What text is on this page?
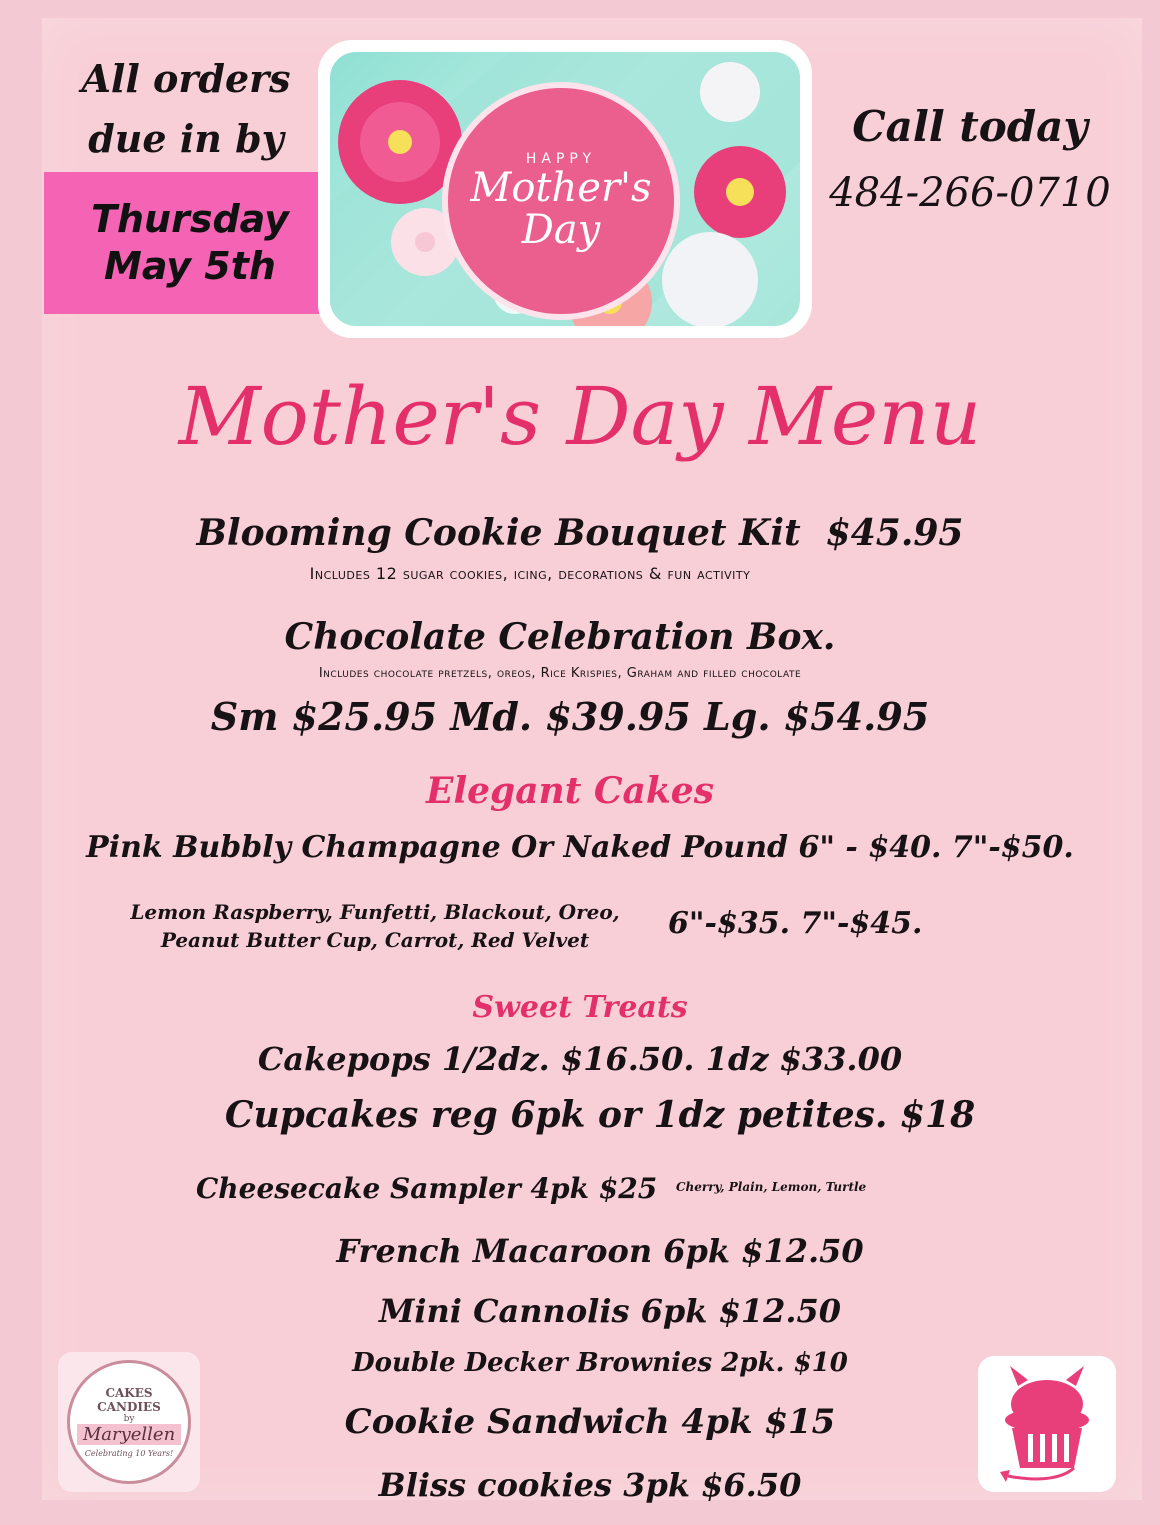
All orders
due in by
Thursday
May 5th
HAPPY
Mother's
Day
Call today
484-266-0710
Mother's Day Menu
Blooming Cookie Bouquet Kit $45.95
Includes 12 sugar cookies, icing, decorations & fun activity
Chocolate Celebration Box.
Includes chocolate pretzels, oreos, Rice Krispies, Graham and filled chocolate
Sm $25.95 Md. $39.95 Lg. $54.95
Elegant Cakes
Pink Bubbly Champagne Or Naked Pound 6" - $40. 7"-$50.
Lemon Raspberry, Funfetti, Blackout, Oreo,
Peanut Butter Cup, Carrot, Red Velvet	6"-$35. 7"-$45.
Sweet Treats
Cakepops 1/2dz. $16.50. 1dz $33.00
Cupcakes reg 6pk or 1dz petites. $18
Cheesecake Sampler 4pk $25 Cherry, Plain, Lemon, Turtle
French Macaroon 6pk $12.50
Mini Cannolis 6pk $12.50
Double Decker Brownies 2pk. $10
Cookie Sandwich 4pk $15
Bliss cookies 3pk $6.50
CAKES
CANDIES
by
Maryellen
Celebrating 10 Years!
